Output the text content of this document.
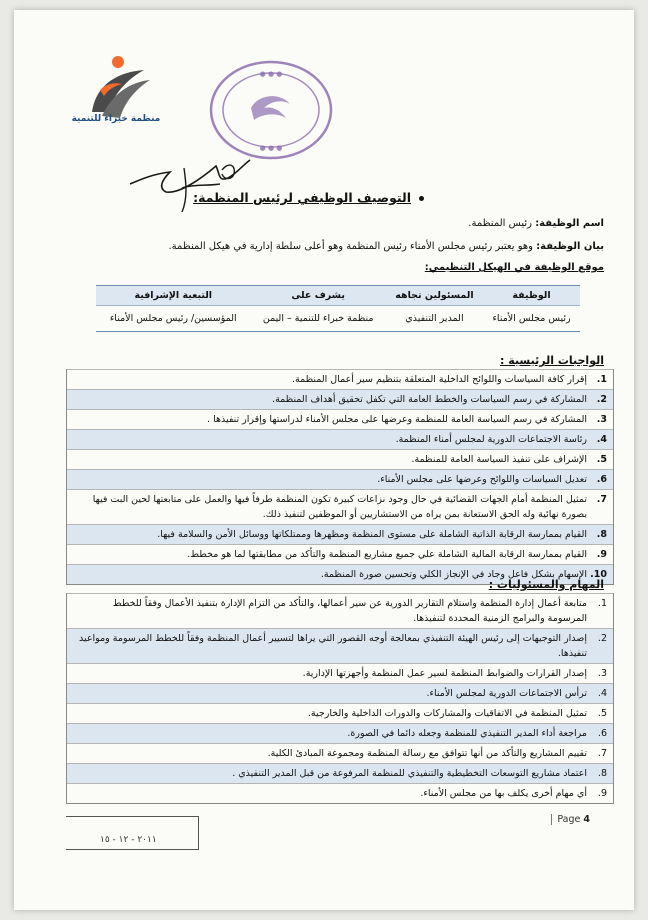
منظمة خبراء للتنمية
● ● ●
● ● ●
التوصيف الوظيفي لرئيس المنظمة:
اسم الوظيفة: رئيس المنظمة.
بيان الوظيفة: وهو يعتبر رئيس مجلس الأمناء رئيس المنظمة وهو أعلى سلطة إدارية في هيكل المنظمة.
موقع الوظيفة في الهيكل التنظيمي:
الوظيفة	المسئولين تجاهه	يشرف على	التبعية الإشرافية
رئيس مجلس الأمناء	المدير التنفيذي	منظمة خبراء للتنمية – اليمن	المؤسسين/ رئيس مجلس الأمناء
الواجبات الرئيسية :
1.
إقرار كافة السياسات واللوائح الداخلية المتعلقة بتنظيم سير أعمال المنظمة.
2.
المشاركة في رسم السياسات والخطط العامة التي تكفل تحقيق أهداف المنظمة.
3.
المشاركة في رسم السياسة العامة للمنظمة وعرضها على مجلس الأمناء لدراستها وإقرار تنفيذها .
4.
رئاسة الاجتماعات الدورية لمجلس أمناء المنظمة.
5.
الإشراف على تنفيذ السياسة العامة للمنظمة.
6.
تعديل السياسات واللوائح وعرضها على مجلس الأمناء.
7.
تمثيل المنظمة أمام الجهات القضائية في حال وجود نزاعات كبيرة تكون المنظمة طرفاً فيها والعمل على متابعتها لحين البت فيها بصورة نهائية وله الحق الاستعانة بمن يراه من الاستشاريين أو الموظفين لتنفيذ ذلك.
8.
القيام بممارسة الرقابة الذاتية الشاملة على مستوى المنظمة ومظهرها وممتلكاتها ووسائل الأمن والسلامة فيها.
9.
القيام بممارسة الرقابة المالية الشاملة علي جميع مشاريع المنظمة والتأكد من مطابقتها لما هو مخطط.
10.
الإسهام بشكل فاعل وجاد في الإنجاز الكلي وتحسين صورة المنظمة.
المهام والمسئوليات :
1.
متابعة أعمال إدارة المنظمة واستلام التقارير الدورية عن سير أعمالها، والتأكد من التزام الإدارة بتنفيذ الأعمال وفقاً للخطط المرسومة والبرامج الزمنية المحددة لتنفيذها.
2.
إصدار التوجيهات إلى رئيس الهيئة التنفيذي بمعالجة أوجه القصور التي يراها لتسيير أعمال المنظمة وفقاً للخطط المرسومة ومواعيد تنفيذها.
3.
إصدار القرارات والضوابط المنظمة لسير عمل المنظمة وأجهزتها الإدارية.
4.
ترأس الاجتماعات الدورية لمجلس الأمناء.
5.
تمثيل المنظمة في الاتفاقيات والمشاركات والدورات الداخلية والخارجية.
6.
مراجعة أداء المدير التنفيذي للمنظمة وجعله دائما في الصورة.
7.
تقييم المشاريع والتأكد من أنها تتوافق مع رسالة المنظمة ومجموعة المبادئ الكلية.
8.
اعتماد مشاريع التوسعات التخطيطية والتنفيذي للمنظمة المرفوعة من قبل المدير التنفيذي .
9.
أي مهام أخرى يكلف بها من مجلس الأمناء.
٢٠١١ - ١٢ - ١٥
Page 4
